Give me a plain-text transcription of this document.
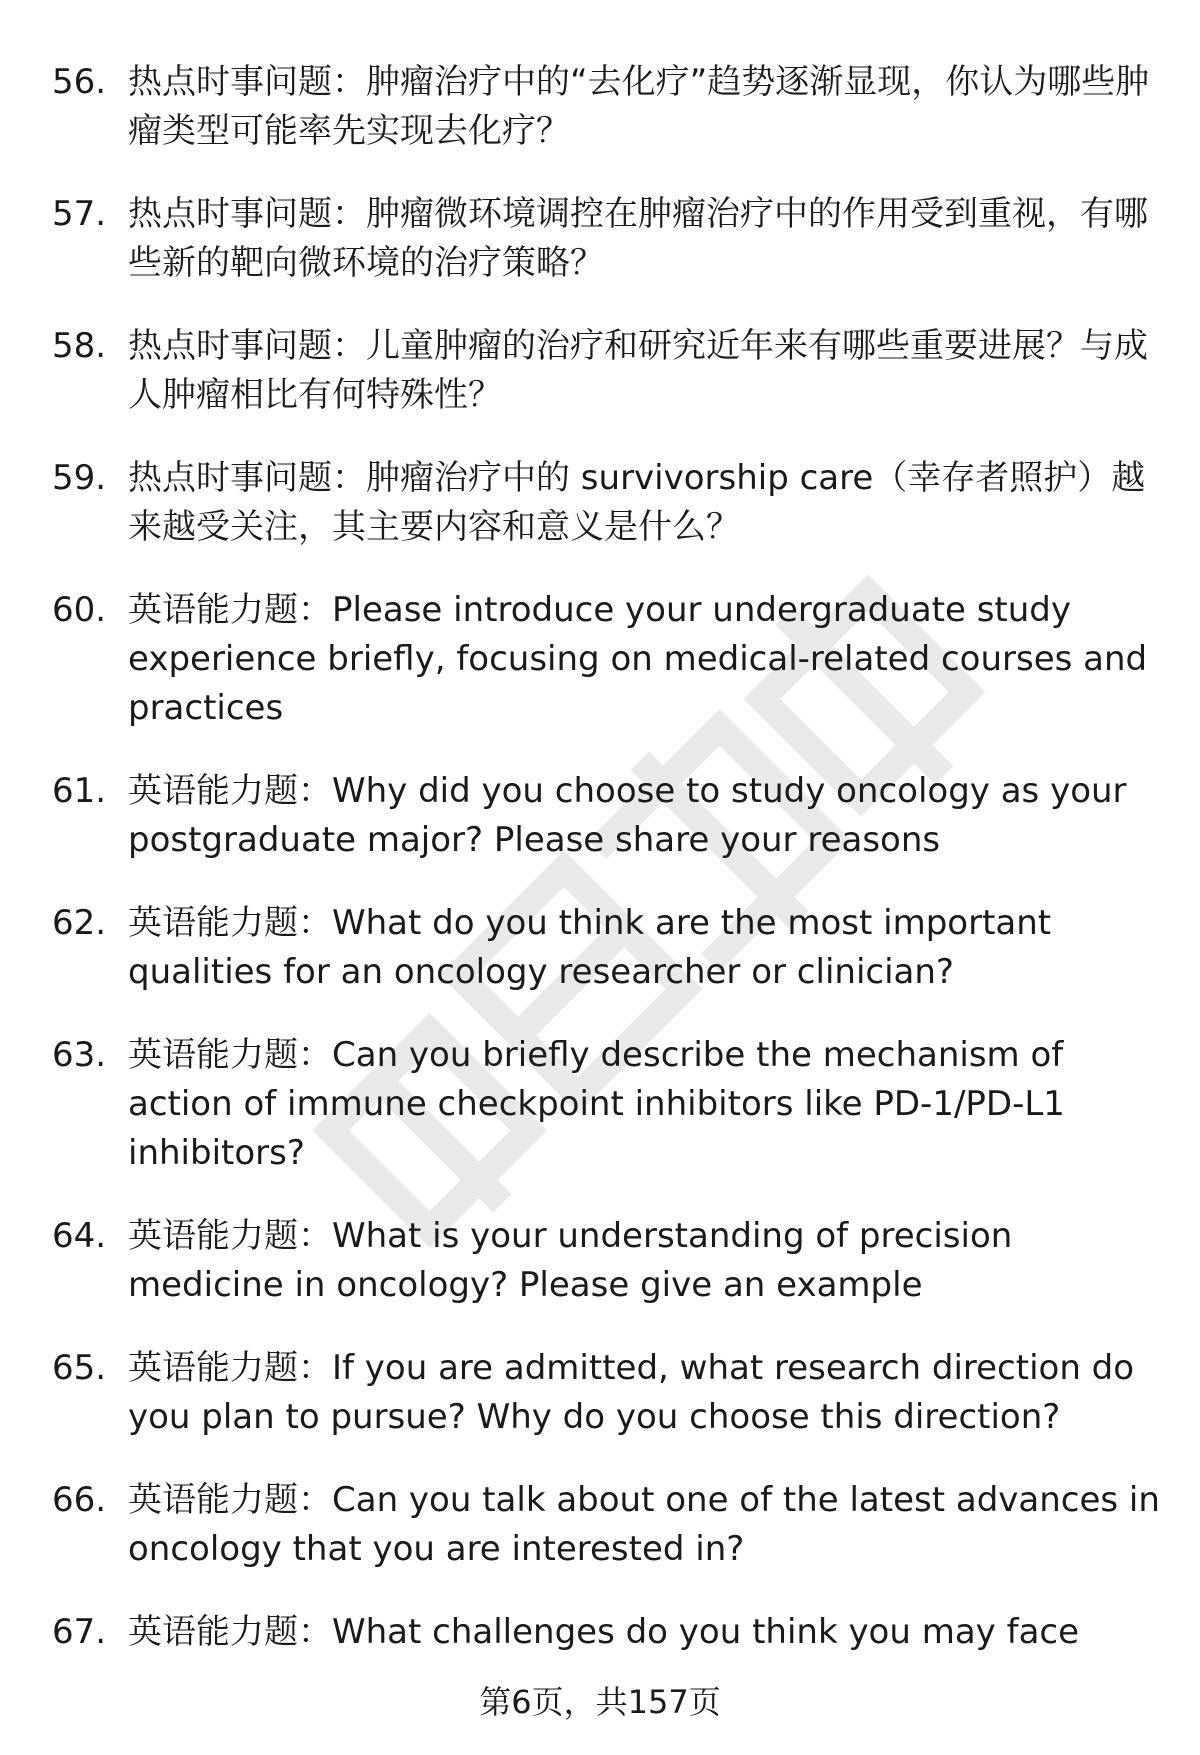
56. 热点时事问题：肿瘤治疗中的“去化疗”趋势逐渐显现，你认为哪些肿瘤类型可能率先实现去化疗？
57. 热点时事问题：肿瘤微环境调控在肿瘤治疗中的作用受到重视，有哪些新的靶向微环境的治疗策略？
58. 热点时事问题：儿童肿瘤的治疗和研究近年来有哪些重要进展？与成人肿瘤相比有何特殊性？
59. 热点时事问题：肿瘤治疗中的 survivorship care（幸存者照护）越来越受关注，其主要内容和意义是什么？
60. 英语能力题：Please introduce your undergraduate study experience briefly, focusing on medical-related courses and practices
61. 英语能力题：Why did you choose to study oncology as your postgraduate major? Please share your reasons
62. 英语能力题：What do you think are the most important qualities for an oncology researcher or clinician?
63. 英语能力题：Can you briefly describe the mechanism of action of immune checkpoint inhibitors like PD-1/PD-L1 inhibitors?
64. 英语能力题：What is your understanding of precision medicine in oncology? Please give an example
65. 英语能力题：If you are admitted, what research direction do you plan to pursue? Why do you choose this direction?
66. 英语能力题：Can you talk about one of the latest advances in oncology that you are interested in?
67. 英语能力题：What challenges do you think you may face
第6页，共157页
